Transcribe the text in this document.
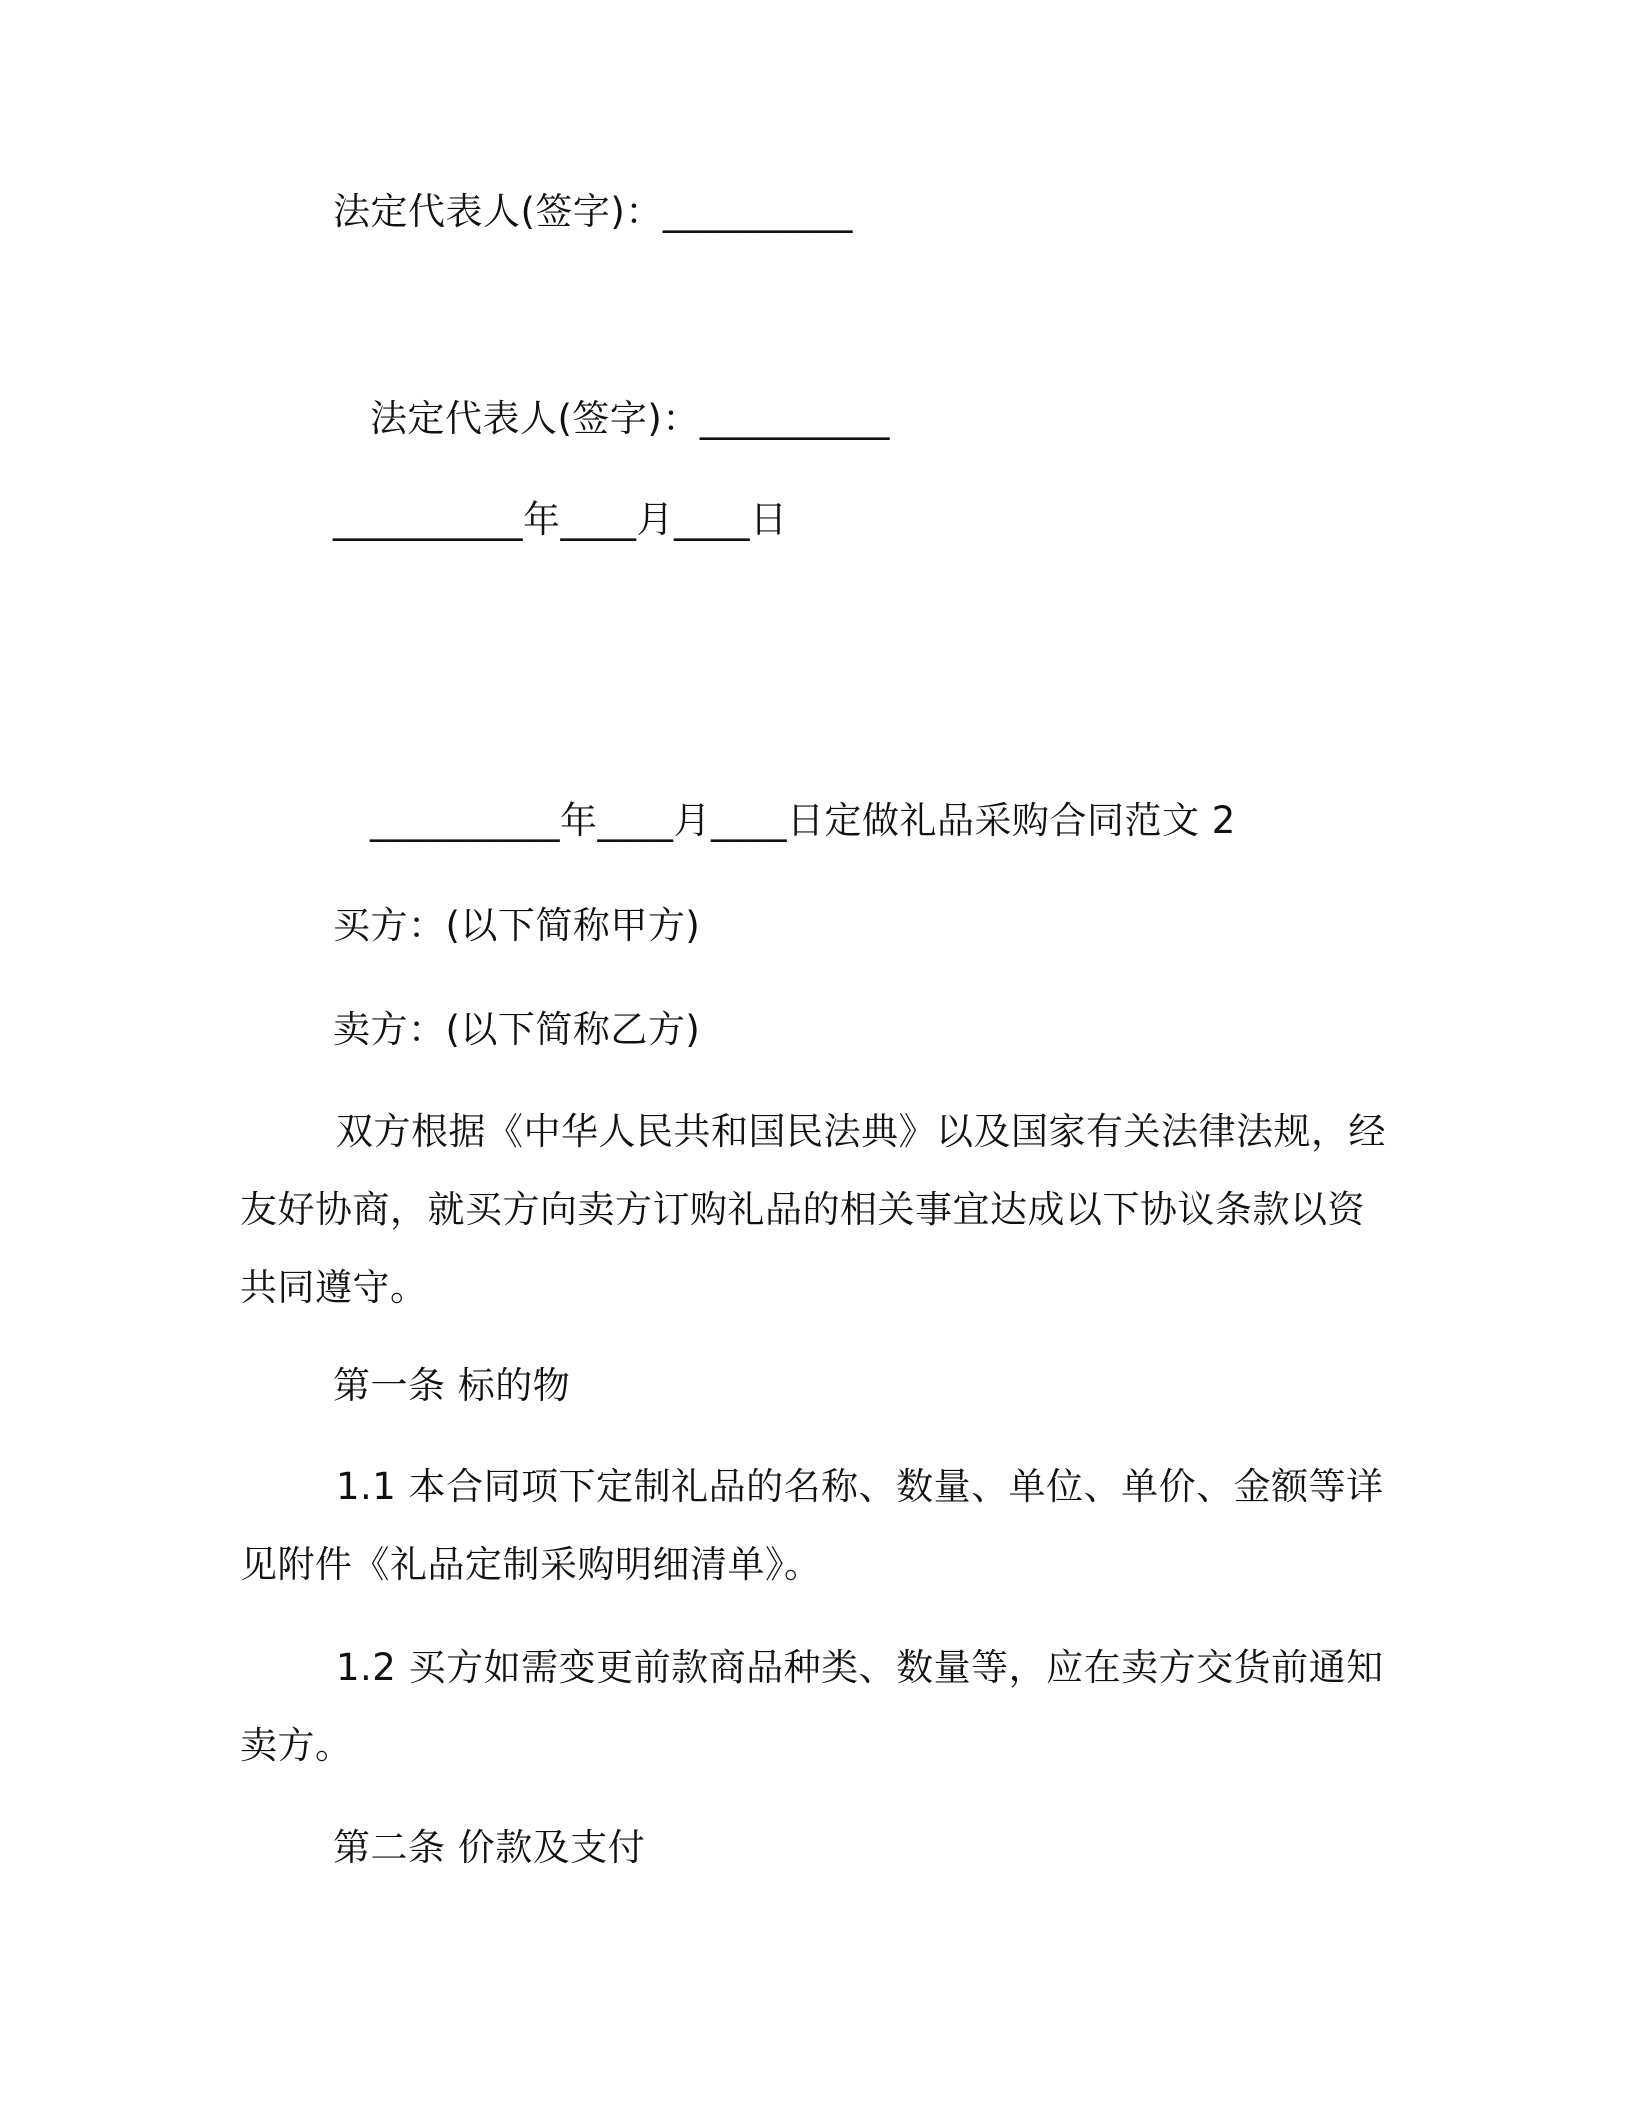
法定代表人(签字)：__________
法定代表人(签字)：__________
__________年____月____日
__________年____月____日定做礼品采购合同范文 2
买方：(以下简称甲方)
卖方：(以下简称乙方)
双方根据《中华人民共和国民法典》以及国家有关法律法规，经友好协商，就买方向卖方订购礼品的相关事宜达成以下协议条款以资共同遵守。
第一条 标的物
1.1 本合同项下定制礼品的名称、数量、单位、单价、金额等详见附件《礼品定制采购明细清单》。
1.2 买方如需变更前款商品种类、数量等，应在卖方交货前通知卖方。
第二条 价款及支付
